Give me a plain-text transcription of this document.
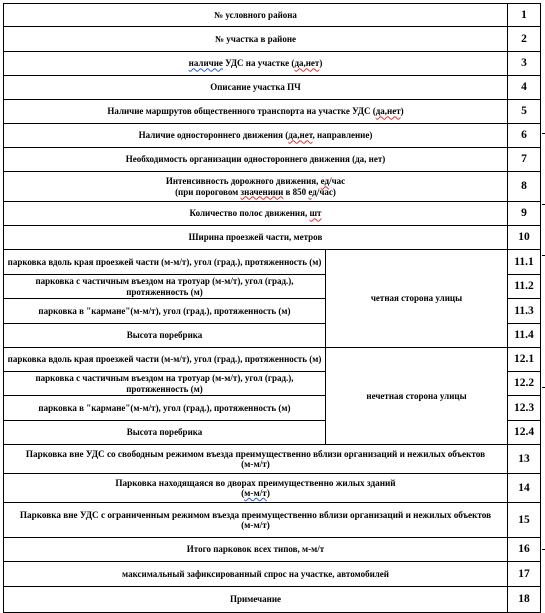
№ условного района		1
№ участка в районе		2
наличие УДС на участке (да,нет)		3
Описание участка ПЧ		4
Наличие маршрутов общественного транспорта на участке УДС (да,нет)		5
Наличие одностороннего движения (да,нет, направление)		6
Необходимость организации одностороннего движения (да, нет)		7
Интенсивность дорожного движения, ед/час
(при пороговом значениии в 850 ед/час)		8
Количество полос движения, шт		9
Ширина проезжей части, метров		10
парковка вдоль края проезжей части (м-м/т), угол (град.), протяженность (м)	четная сторона улицы	11.1
парковка с частичным въездом на тротуар (м-м/т), угол (град.), протяженность (м)		11.2
парковка в "кармане"(м-м/т), угол (град.), протяженность (м)		11.3
Высота поребрика		11.4
парковка вдоль края проезжей части (м-м/т), угол (град.), протяженность (м)	нечетная сторона улицы	12.1
парковка с частичным въездом на тротуар (м-м/т), угол (град.), протяженность (м)		12.2
парковка в "кармане"(м-м/т), угол (град.), протяженность (м)		12.3
Высота поребрика		12.4
Парковка вне УДС со свободным режимом въезда преимущественно вблизи организаций и нежилых объектов
(м-м/т)		13
Парковка находящаяся во дворах преимущественно жилых зданий
(м-м/т)		14
Парковка вне УДС с ограниченным режимом въезда преимущественно вблизи организаций и нежилых объектов
(м-м/т)		15
Итого парковок всех типов, м-м/т		16
максимальный зафиксированный спрос на участке, автомобилей		17
Примечание		18
